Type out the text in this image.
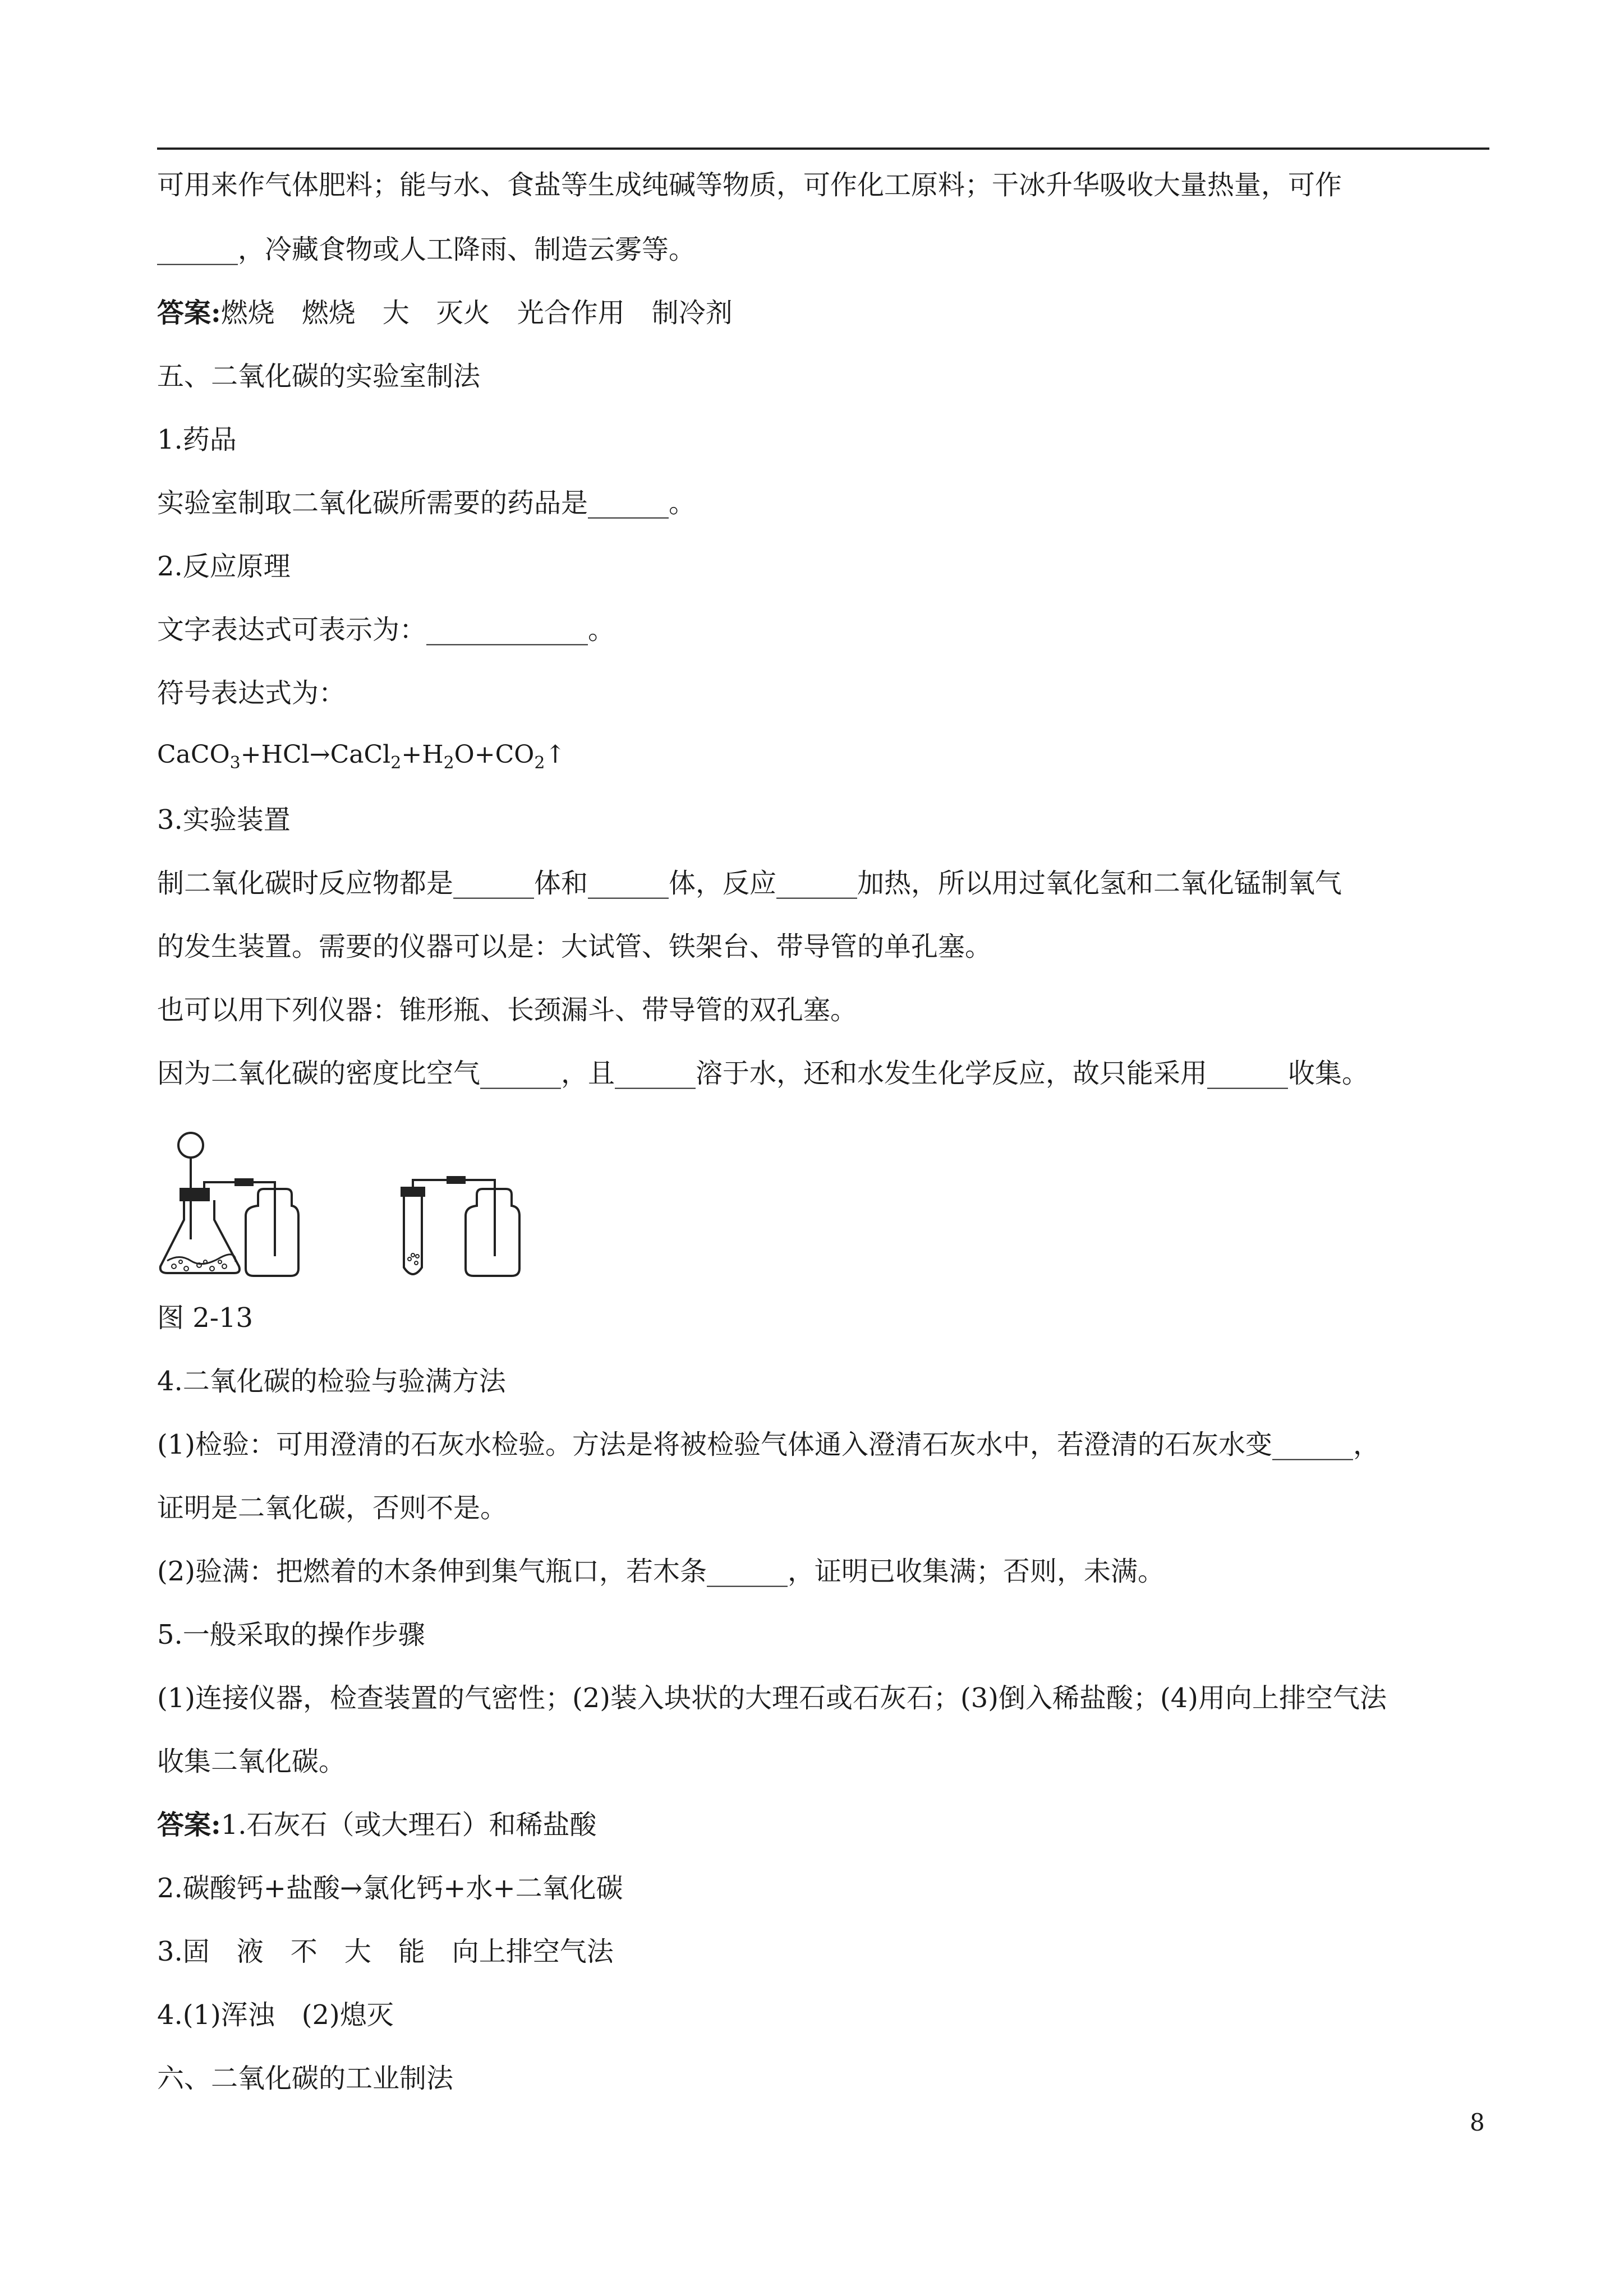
可用来作气体肥料；能与水、食盐等生成纯碱等物质，可作化工原料；干冰升华吸收大量热量，可作
______，冷藏食物或人工降雨、制造云雾等。
答案:燃烧　燃烧　大　灭火　光合作用　制冷剂
五、二氧化碳的实验室制法
1.药品
实验室制取二氧化碳所需要的药品是______。
2.反应原理
文字表达式可表示为：____________。
符号表达式为：
$CaCO_3+HCl\to CaCl_2+H_2O+CO_2↑$
3.实验装置
制二氧化碳时反应物都是______体和______体，反应______加热，所以用过氧化氢和二氧化锰制氧气
的发生装置。需要的仪器可以是：大试管、铁架台、带导管的单孔塞。
也可以用下列仪器：锥形瓶、长颈漏斗、带导管的双孔塞。
因为二氧化碳的密度比空气______，且______溶于水，还和水发生化学反应，故只能采用______收集。
图 2-13
4.二氧化碳的检验与验满方法
(1)检验：可用澄清的石灰水检验。方法是将被检验气体通入澄清石灰水中，若澄清的石灰水变______，
证明是二氧化碳，否则不是。
(2)验满：把燃着的木条伸到集气瓶口，若木条______，证明已收集满；否则，未满。
5.一般采取的操作步骤
(1)连接仪器，检查装置的气密性；(2)装入块状的大理石或石灰石；(3)倒入稀盐酸；(4)用向上排空气法
收集二氧化碳。
答案:1.石灰石（或大理石）和稀盐酸
2.碳酸钙+盐酸→氯化钙+水+二氧化碳
3.固　液　不　大　能　向上排空气法
4.(1)浑浊　(2)熄灭
六、二氧化碳的工业制法
8
